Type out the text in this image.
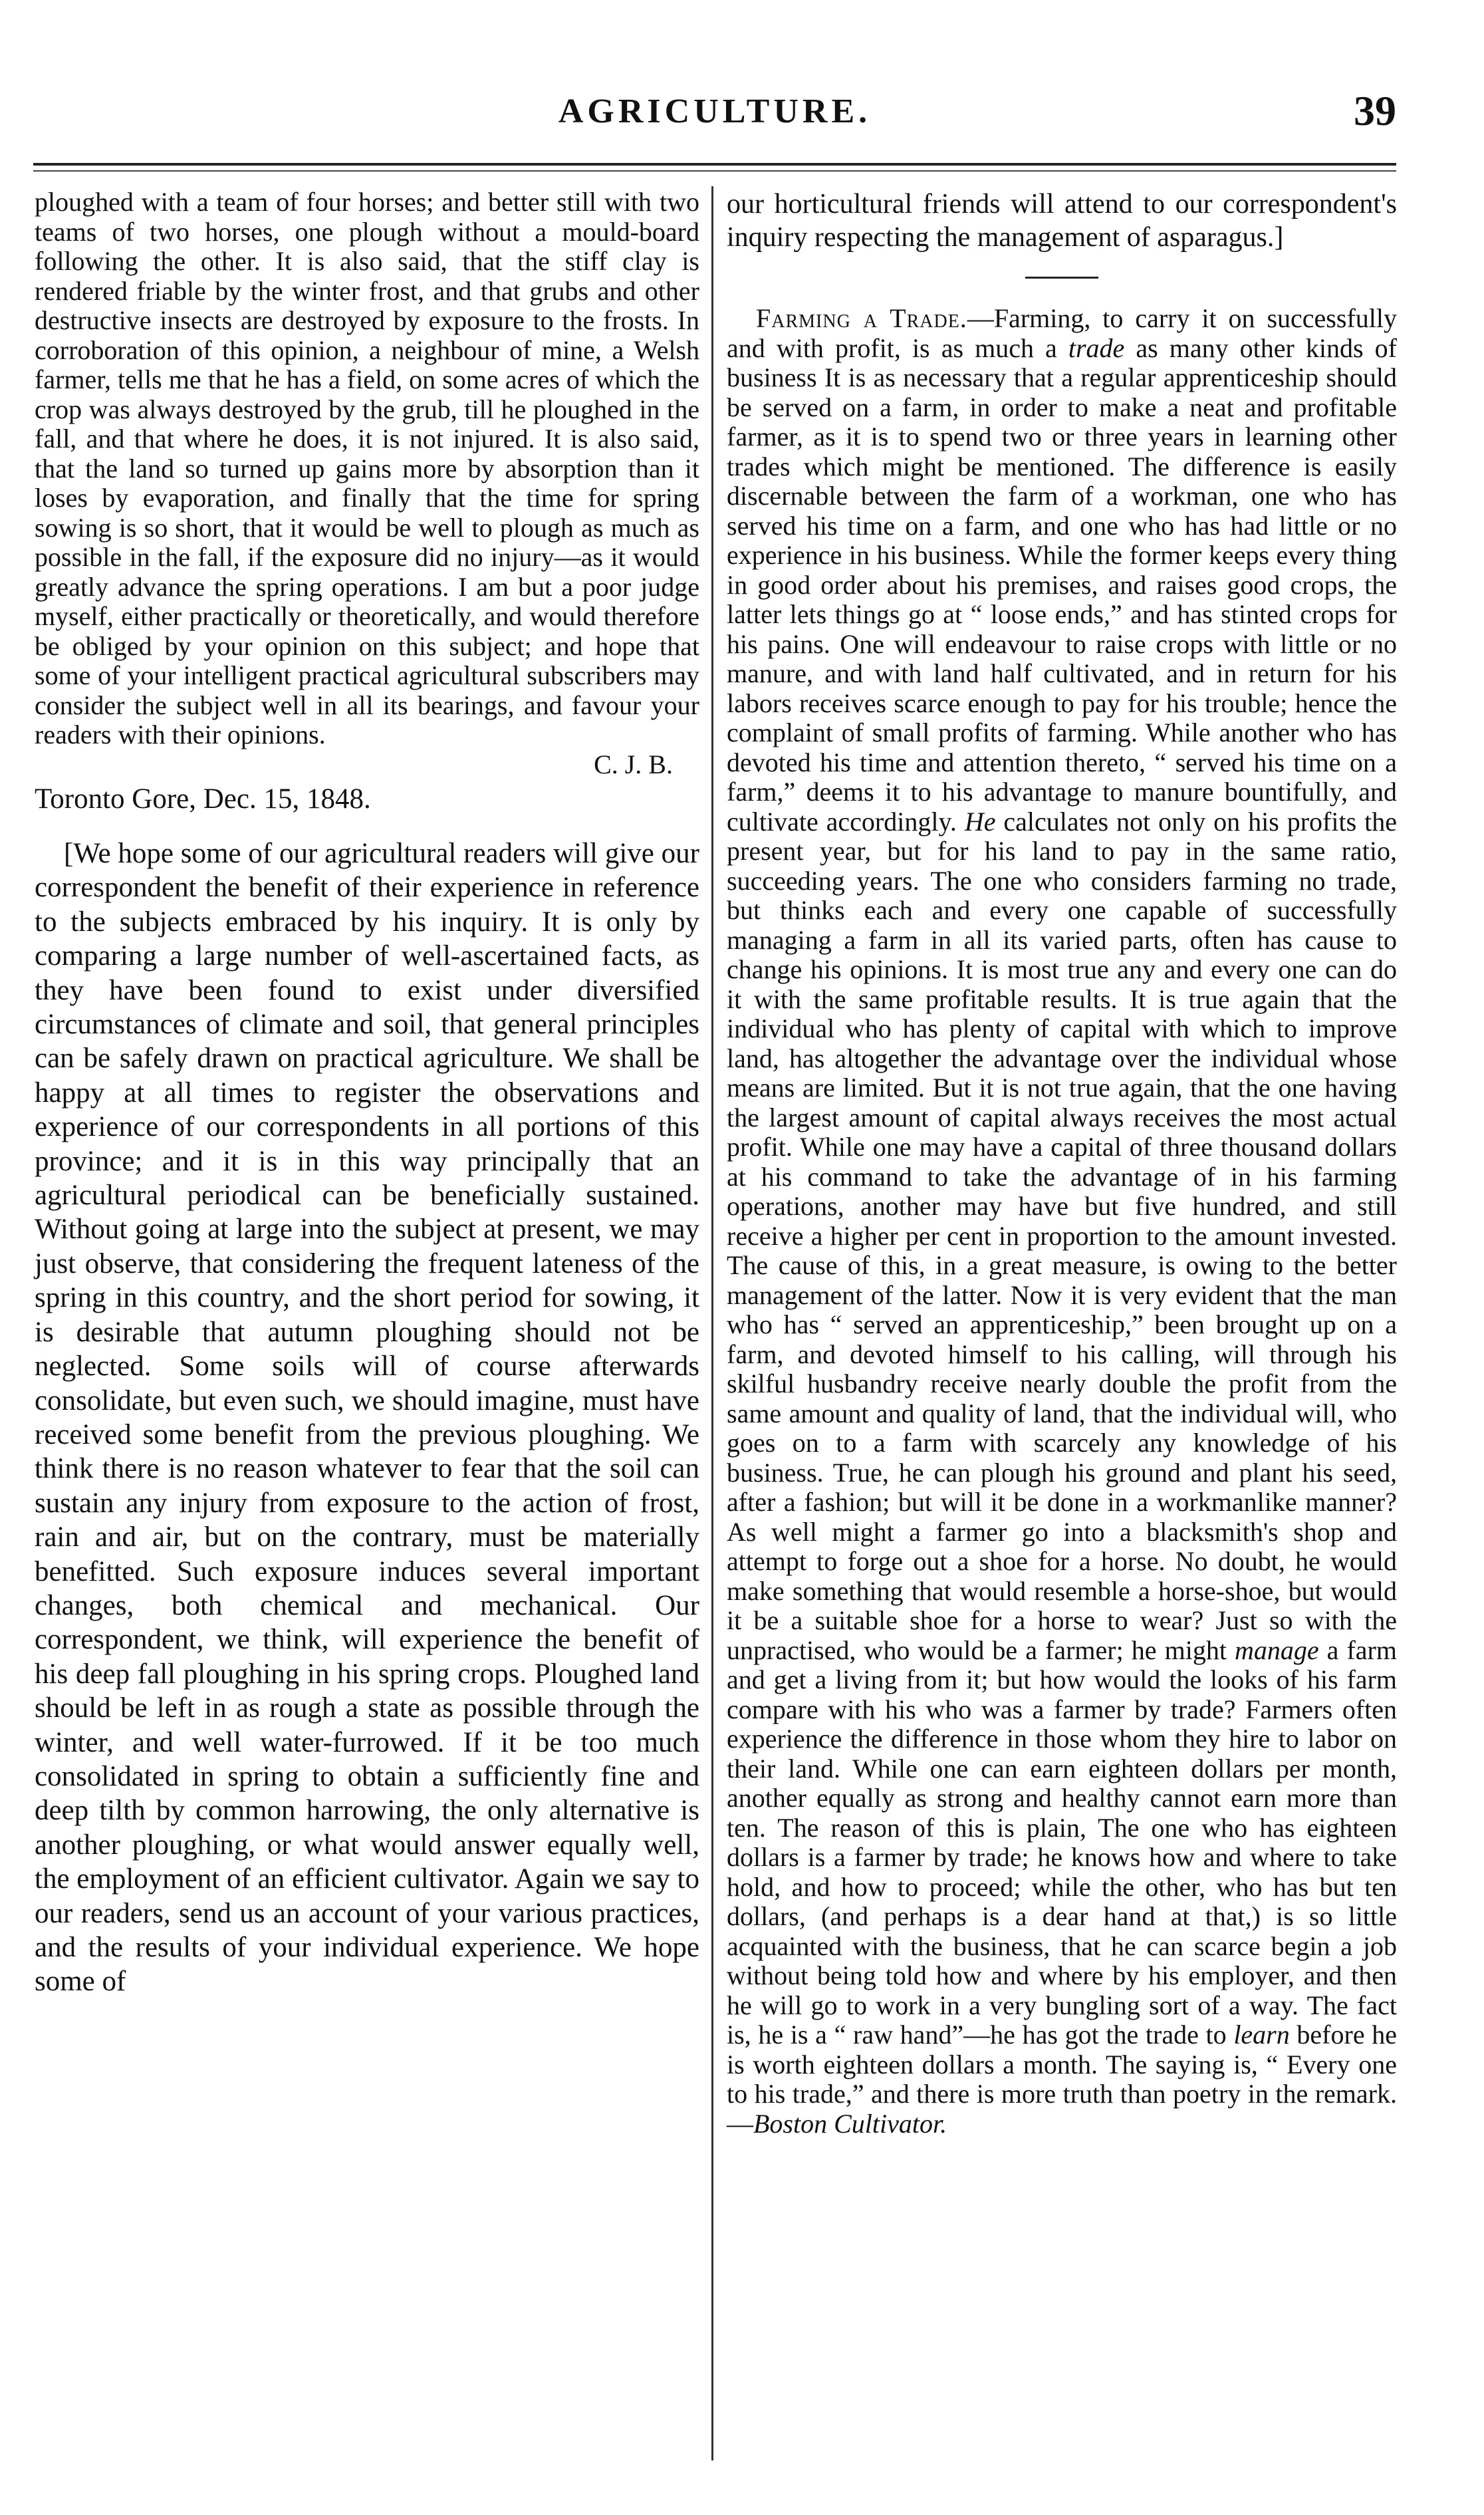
AGRICULTURE.	39

ploughed with a team of four horses; and better still with two teams of two horses, one plough without a mould-board following the other. It is also said, that the stiff clay is rendered friable by the winter frost, and that grubs and other destructive insects are destroyed by exposure to the frosts. In corroboration of this opinion, a neighbour of mine, a Welsh farmer, tells me that he has a field, on some acres of which the crop was always destroyed by the grub, till he ploughed in the fall, and that where he does, it is not injured. It is also said, that the land so turned up gains more by absorption than it loses by evaporation, and finally that the time for spring sowing is so short, that it would be well to plough as much as possible in the fall, if the exposure did no injury—as it would greatly advance the spring operations. I am but a poor judge myself, either practically or theoretically, and would therefore be obliged by your opinion on this subject; and hope that some of your intelligent practical agricultural subscribers may consider the subject well in all its bearings, and favour your readers with their opinions.

C. J. B.

Toronto Gore, Dec. 15, 1848.

[We hope some of our agricultural readers will give our correspondent the benefit of their experience in reference to the subjects embraced by his inquiry. It is only by comparing a large number of well-ascertained facts, as they have been found to exist under diversified circumstances of climate and soil, that general principles can be safely drawn on practical agriculture. We shall be happy at all times to register the observations and experience of our correspondents in all portions of this province; and it is in this way principally that an agricultural periodical can be beneficially sustained. Without going at large into the subject at present, we may just observe, that considering the frequent lateness of the spring in this country, and the short period for sowing, it is desirable that autumn ploughing should not be neglected. Some soils will of course afterwards consolidate, but even such, we should imagine, must have received some benefit from the previous ploughing. We think there is no reason whatever to fear that the soil can sustain any injury from exposure to the action of frost, rain and air, but on the contrary, must be materially benefitted. Such exposure induces several important changes, both chemical and mechanical. Our correspondent, we think, will experience the benefit of his deep fall ploughing in his spring crops. Ploughed land should be left in as rough a state as possible through the winter, and well water-furrowed. If it be too much consolidated in spring to obtain a sufficiently fine and deep tilth by common harrowing, the only alternative is another ploughing, or what would answer equally well, the employment of an efficient cultivator. Again we say to our readers, send us an account of your various practices, and the results of your individual experience. We hope some of

our horticultural friends will attend to our correspondent's inquiry respecting the management of asparagus.]

Farming a Trade.—Farming, to carry it on successfully and with profit, is as much a trade as many other kinds of business It is as necessary that a regular apprenticeship should be served on a farm, in order to make a neat and profitable farmer, as it is to spend two or three years in learning other trades which might be mentioned. The difference is easily discernable between the farm of a workman, one who has served his time on a farm, and one who has had little or no experience in his business. While the former keeps every thing in good order about his premises, and raises good crops, the latter lets things go at “ loose ends,” and has stinted crops for his pains. One will endeavour to raise crops with little or no manure, and with land half cultivated, and in return for his labors receives scarce enough to pay for his trouble; hence the complaint of small profits of farming. While another who has devoted his time and attention thereto, “ served his time on a farm,” deems it to his advantage to manure bountifully, and cultivate accordingly. He calculates not only on his profits the present year, but for his land to pay in the same ratio, succeeding years. The one who considers farming no trade, but thinks each and every one capable of successfully managing a farm in all its varied parts, often has cause to change his opinions. It is most true any and every one can do it with the same profitable results. It is true again that the individual who has plenty of capital with which to improve land, has altogether the advantage over the individual whose means are limited. But it is not true again, that the one having the largest amount of capital always receives the most actual profit. While one may have a capital of three thousand dollars at his command to take the advantage of in his farming operations, another may have but five hundred, and still receive a higher per cent in proportion to the amount invested. The cause of this, in a great measure, is owing to the better management of the latter. Now it is very evident that the man who has “ served an apprenticeship,” been brought up on a farm, and devoted himself to his calling, will through his skilful husbandry receive nearly double the profit from the same amount and quality of land, that the individual will, who goes on to a farm with scarcely any knowledge of his business. True, he can plough his ground and plant his seed, after a fashion; but will it be done in a workmanlike manner? As well might a farmer go into a blacksmith's shop and attempt to forge out a shoe for a horse. No doubt, he would make something that would resemble a horse-shoe, but would it be a suitable shoe for a horse to wear? Just so with the unpractised, who would be a farmer; he might manage a farm and get a living from it; but how would the looks of his farm compare with his who was a farmer by trade? Farmers often experience the difference in those whom they hire to labor on their land. While one can earn eighteen dollars per month, another equally as strong and healthy cannot earn more than ten. The reason of this is plain, The one who has eighteen dollars is a farmer by trade; he knows how and where to take hold, and how to proceed; while the other, who has but ten dollars, (and perhaps is a dear hand at that,) is so little acquainted with the business, that he can scarce begin a job without being told how and where by his employer, and then he will go to work in a very bungling sort of a way. The fact is, he is a “ raw hand”—he has got the trade to learn before he is worth eighteen dollars a month. The saying is, “ Every one to his trade,” and there is more truth than poetry in the remark.—Boston Cultivator.
